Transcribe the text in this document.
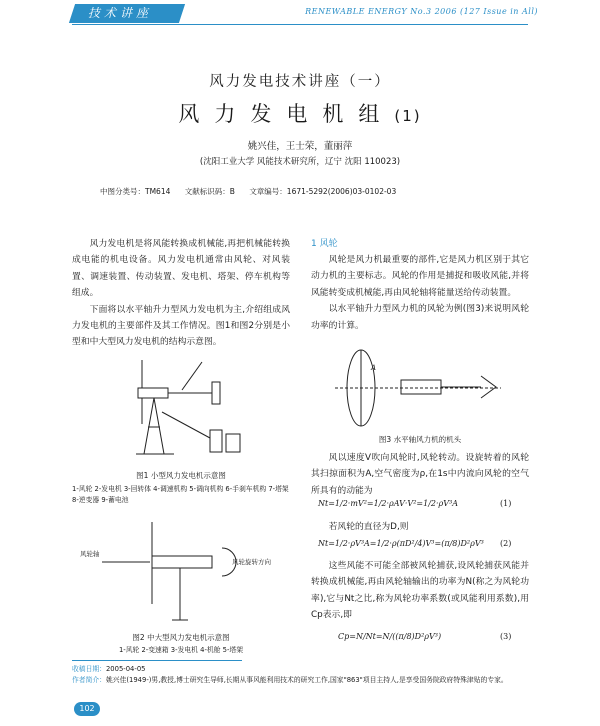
技术讲座	RENEWABLE ENERGY No.3 2006 (127 Issue in All)
风力发电技术讲座（一）
风力发电机组(1)
姚兴佳，王士荣，董丽萍
(沈阳工业大学 风能技术研究所，辽宁 沈阳 110023)
中图分类号：TM614 文献标识码：B 文章编号：1671-5292(2006)03-0102-03

风力发电机是将风能转换成机械能,再把机械能转换成电能的机电设备。风力发电机通常由风轮、对风装置、调速装置、传动装置、发电机、塔架、停车机构等组成。

下面将以水平轴升力型风力发电机为主,介绍组成风力发电机的主要部件及其工作情况。图1和图2分别是小型和中大型风力发电机的结构示意图。

图1 小型风力发电机示意图
1-风轮 2-发电机 3-回转体 4-调速机构 5-调向机构 6-手刹车机构 7-塔架 8-逆变器 9-蓄电池
风轮轴
风轮旋转方向
图2 中大型风力发电机示意图
1-风轮 2-变速箱 3-发电机 4-机舱 5-塔架
1 风轮

风轮是风力机最重要的部件,它是风力机区别于其它动力机的主要标志。风轮的作用是捕捉和吸收风能,并将风能转变成机械能,再由风轮轴将能量送给传动装置。

以水平轴升力型风力机的风轮为例(图3)来说明风轮功率的计算。

A
图3 水平轴风力机的机头

风以速度V吹向风轮时,风轮转动。设旋转着的风轮其扫掠面积为A,空气密度为ρ,在1s中内流向风轮的空气所具有的动能为

Nt=1/2·mV²=1/2·ρAV·V²=1/2·ρV³A	(1)

若风轮的直径为D,则

Nt=1/2·ρV³A=1/2·ρ(πD²/4)V³=(π/8)D²ρV³ (2)

这些风能不可能全部被风轮捕获,设风轮捕获风能并转换成机械能,再由风轮轴输出的功率为N(称之为风轮功率),它与Nt之比,称为风轮功率系数(或风能利用系数),用Cp表示,即

Cp=N/Nt=N/((π/8)D²ρV³)	(3)
收稿日期：2005-04-05
作者简介：姚兴佳(1949-)男,教授,博士研究生导师,长期从事风能利用技术的研究工作,国家"863"项目主持人,是享受国务院政府特殊津贴的专家。
102
